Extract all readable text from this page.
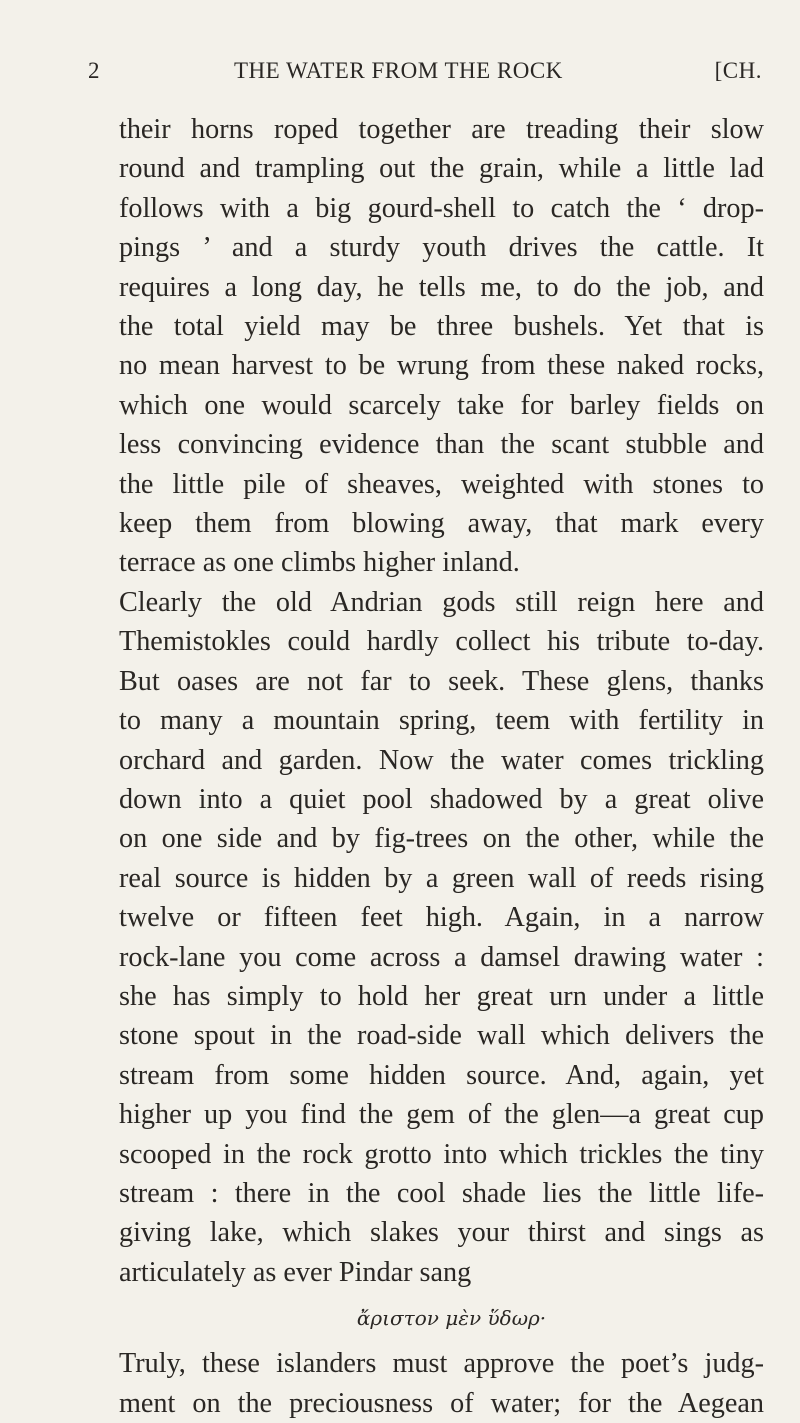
2	THE WATER FROM THE ROCK	[CH.
their horns roped together are treading their slow
round and trampling out the grain, while a little lad
follows with a big gourd-shell to catch the ‘ drop-
pings ’ and a sturdy youth drives the cattle. It
requires a long day, he tells me, to do the job, and
the total yield may be three bushels. Yet that is
no mean harvest to be wrung from these naked rocks,
which one would scarcely take for barley fields on
less convincing evidence than the scant stubble and
the little pile of sheaves, weighted with stones to
keep them from blowing away, that mark every
terrace as one climbs higher inland.
Clearly the old Andrian gods still reign here and
Themistokles could hardly collect his tribute to-day.
But oases are not far to seek. These glens, thanks
to many a mountain spring, teem with fertility in
orchard and garden. Now the water comes trickling
down into a quiet pool shadowed by a great olive
on one side and by fig-trees on the other, while the
real source is hidden by a green wall of reeds rising
twelve or fifteen feet high. Again, in a narrow
rock-lane you come across a damsel drawing water :
she has simply to hold her great urn under a little
stone spout in the road-side wall which delivers the
stream from some hidden source. And, again, yet
higher up you find the gem of the glen—a great cup
scooped in the rock grotto into which trickles the tiny
stream : there in the cool shade lies the little life-
giving lake, which slakes your thirst and sings as
articulately as ever Pindar sang
ἄριστον μὲν ὕδωρ·
Truly, these islanders must approve the poet’s judg-
ment on the preciousness of water; for the Aegean
